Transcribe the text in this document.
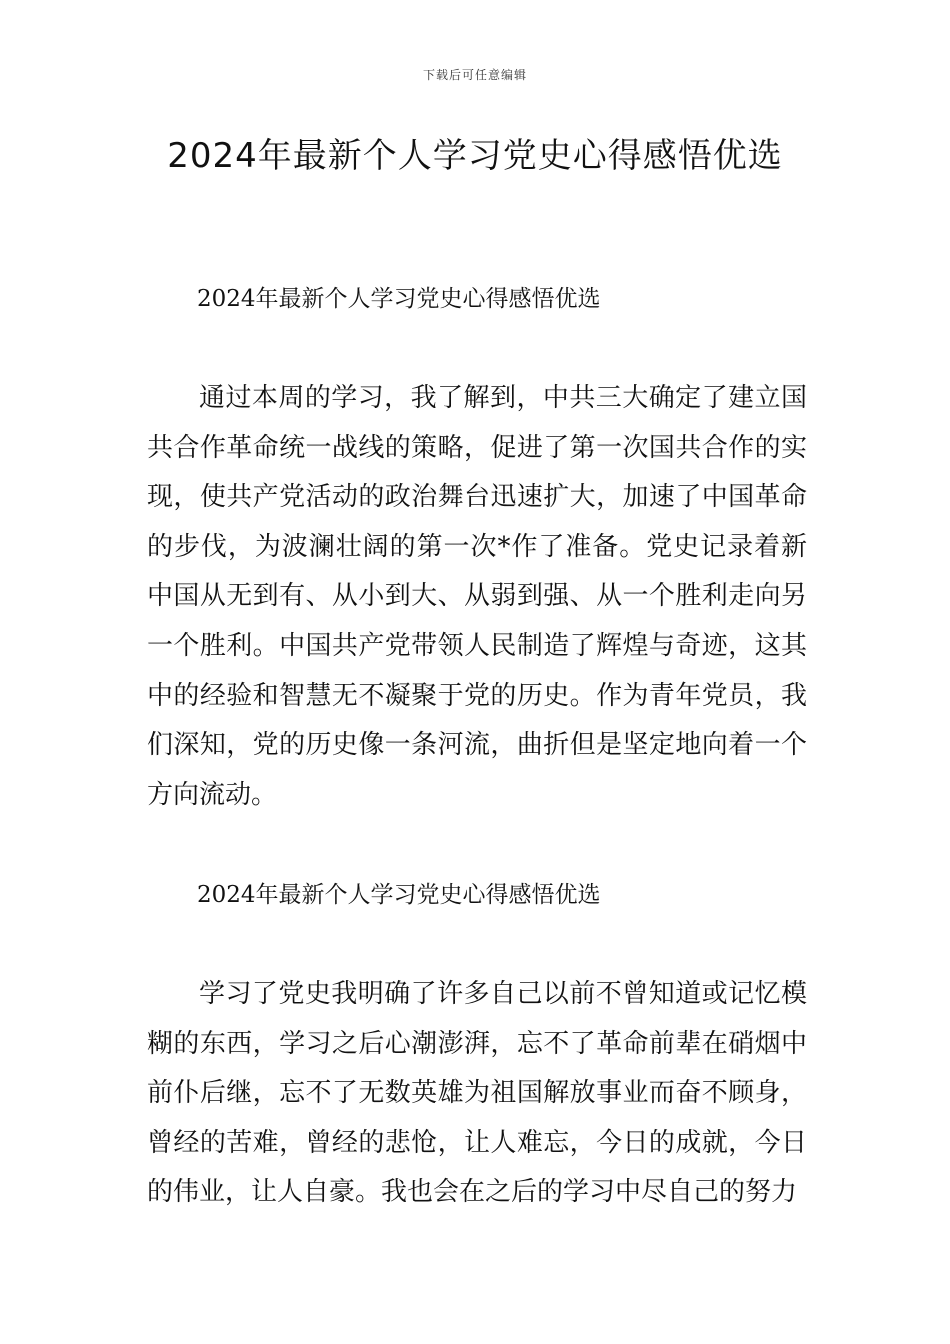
下载后可任意编辑
2024年最新个人学习党史心得感悟优选
2024年最新个人学习党史心得感悟优选

通过本周的学习，我了解到，中共三大确定了建立国共合作革命统一战线的策略，促进了第一次国共合作的实现，使共产党活动的政治舞台迅速扩大，加速了中国革命的步伐，为波澜壮阔的第一次*作了准备。党史记录着新中国从无到有、从小到大、从弱到强、从一个胜利走向另一个胜利。中国共产党带领人民制造了辉煌与奇迹，这其中的经验和智慧无不凝聚于党的历史。作为青年党员，我们深知，党的历史像一条河流，曲折但是坚定地向着一个方向流动。

2024年最新个人学习党史心得感悟优选

学习了党史我明确了许多自己以前不曾知道或记忆模糊的东西，学习之后心潮澎湃，忘不了革命前辈在硝烟中前仆后继，忘不了无数英雄为祖国解放事业而奋不顾身，曾经的苦难，曾经的悲怆，让人难忘，今日的成就，今日的伟业，让人自豪。我也会在之后的学习中尽自己的努力
